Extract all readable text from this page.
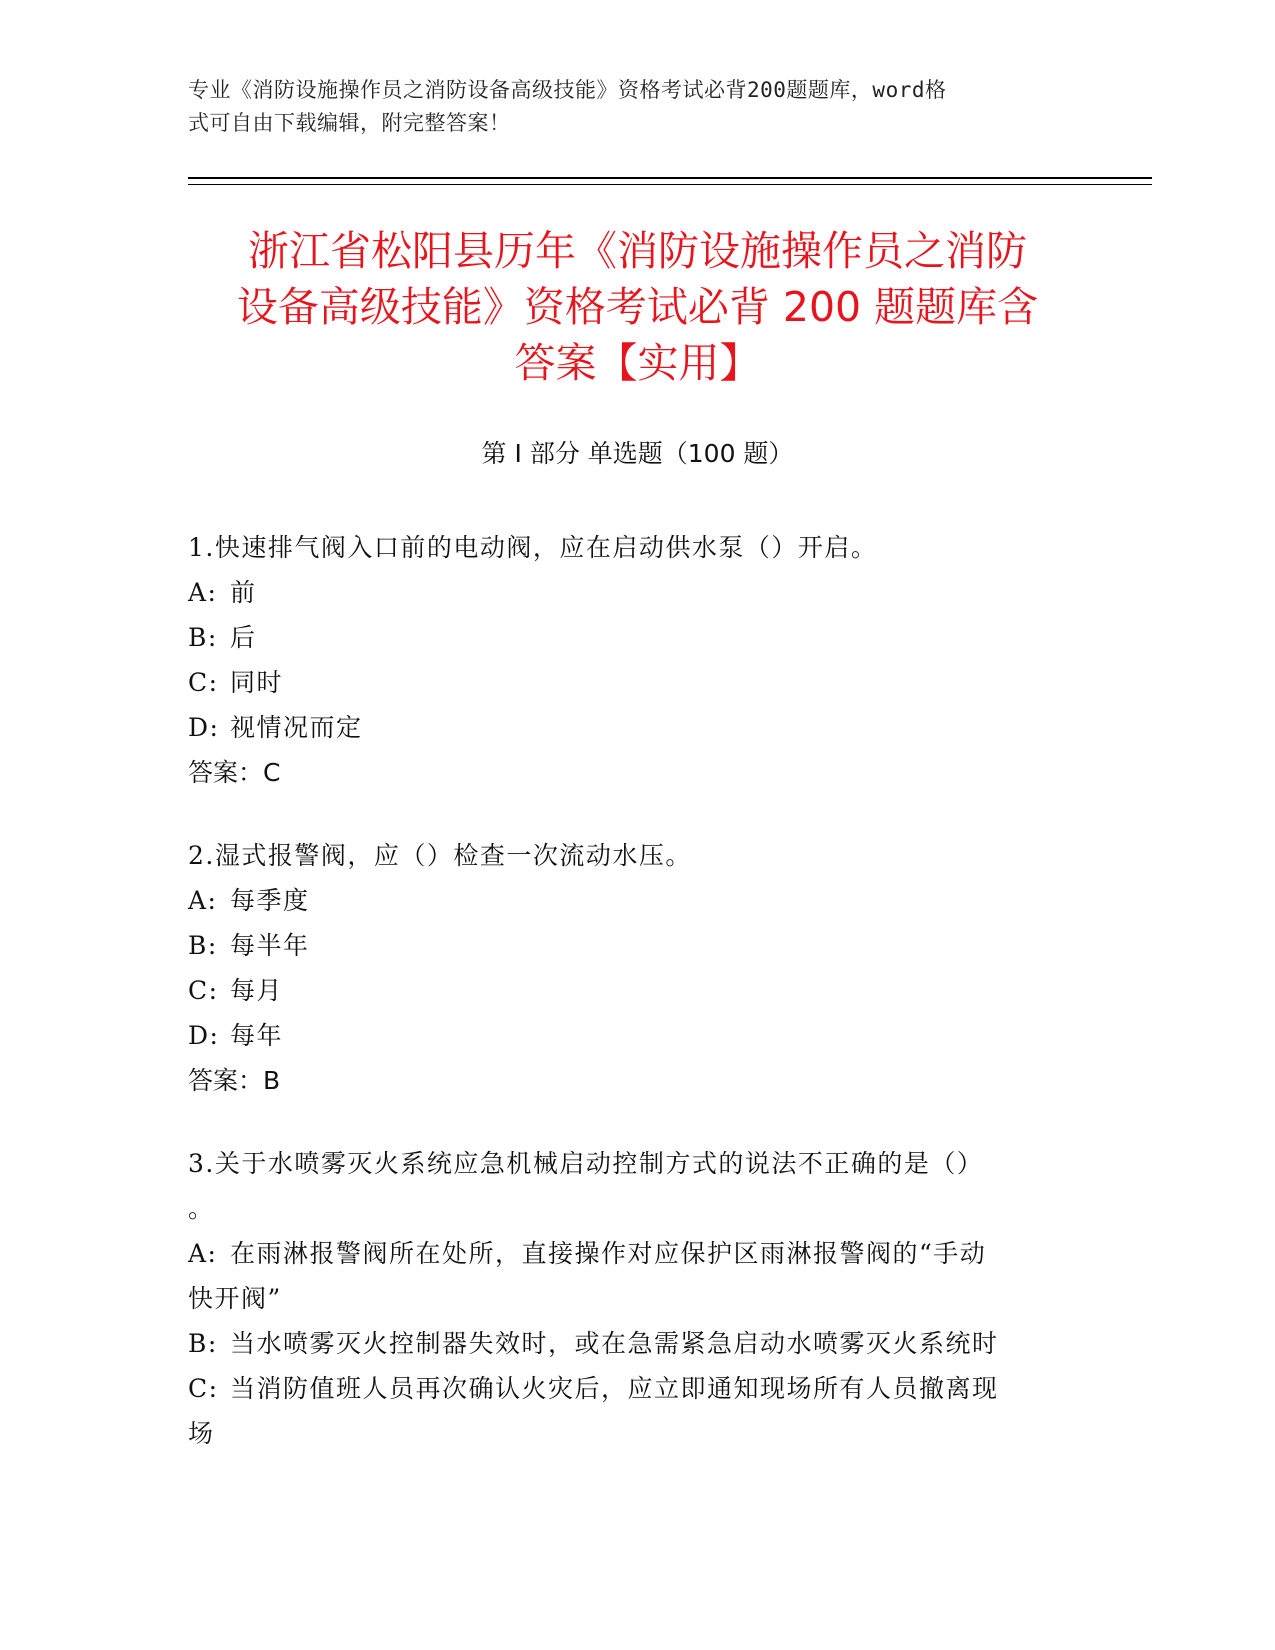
专业《消防设施操作员之消防设备高级技能》资格考试必背200题题库，word格
式可自由下载编辑，附完整答案！
浙江省松阳县历年《消防设施操作员之消防
设备高级技能》资格考试必背 200 题题库含
答案【实用】
第 I 部分 单选题（100 题）
1.快速排气阀入口前的电动阀，应在启动供水泵（）开启。
A: 前
B: 后
C: 同时
D: 视情况而定
答案：C
2.湿式报警阀，应（）检查一次流动水压。
A: 每季度
B: 每半年
C: 每月
D: 每年
答案：B
3.关于水喷雾灭火系统应急机械启动控制方式的说法不正确的是（）
。
A: 在雨淋报警阀所在处所，直接操作对应保护区雨淋报警阀的“手动
快开阀”
B: 当水喷雾灭火控制器失效时，或在急需紧急启动水喷雾灭火系统时
C: 当消防值班人员再次确认火灾后，应立即通知现场所有人员撤离现
场
